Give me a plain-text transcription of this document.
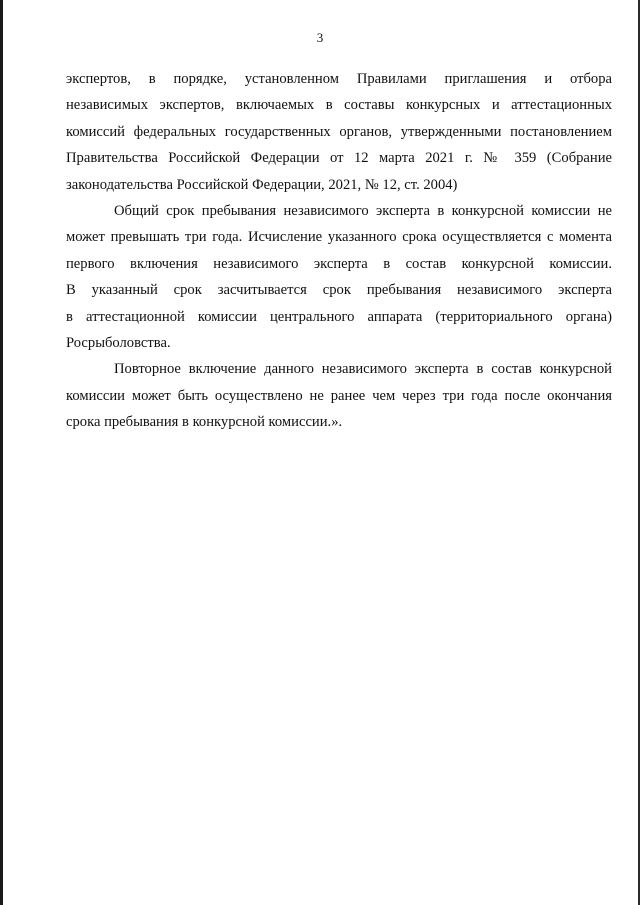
3
экспертов, в порядке, установленном Правилами приглашения и отбора
независимых экспертов, включаемых в составы конкурсных и аттестационных
комиссий федеральных государственных органов, утвержденными постановлением
Правительства Российской Федерации от 12 марта 2021 г. № 359 (Собрание
законодательства Российской Федерации, 2021, № 12, ст. 2004)
Общий срок пребывания независимого эксперта в конкурсной комиссии не
может превышать три года. Исчисление указанного срока осуществляется с момента
первого включения независимого эксперта в состав конкурсной комиссии.
В указанный срок засчитывается срок пребывания независимого эксперта
в аттестационной комиссии центрального аппарата (территориального органа)
Росрыболовства.
Повторное включение данного независимого эксперта в состав конкурсной
комиссии может быть осуществлено не ранее чем через три года после окончания
срока пребывания в конкурсной комиссии.».
